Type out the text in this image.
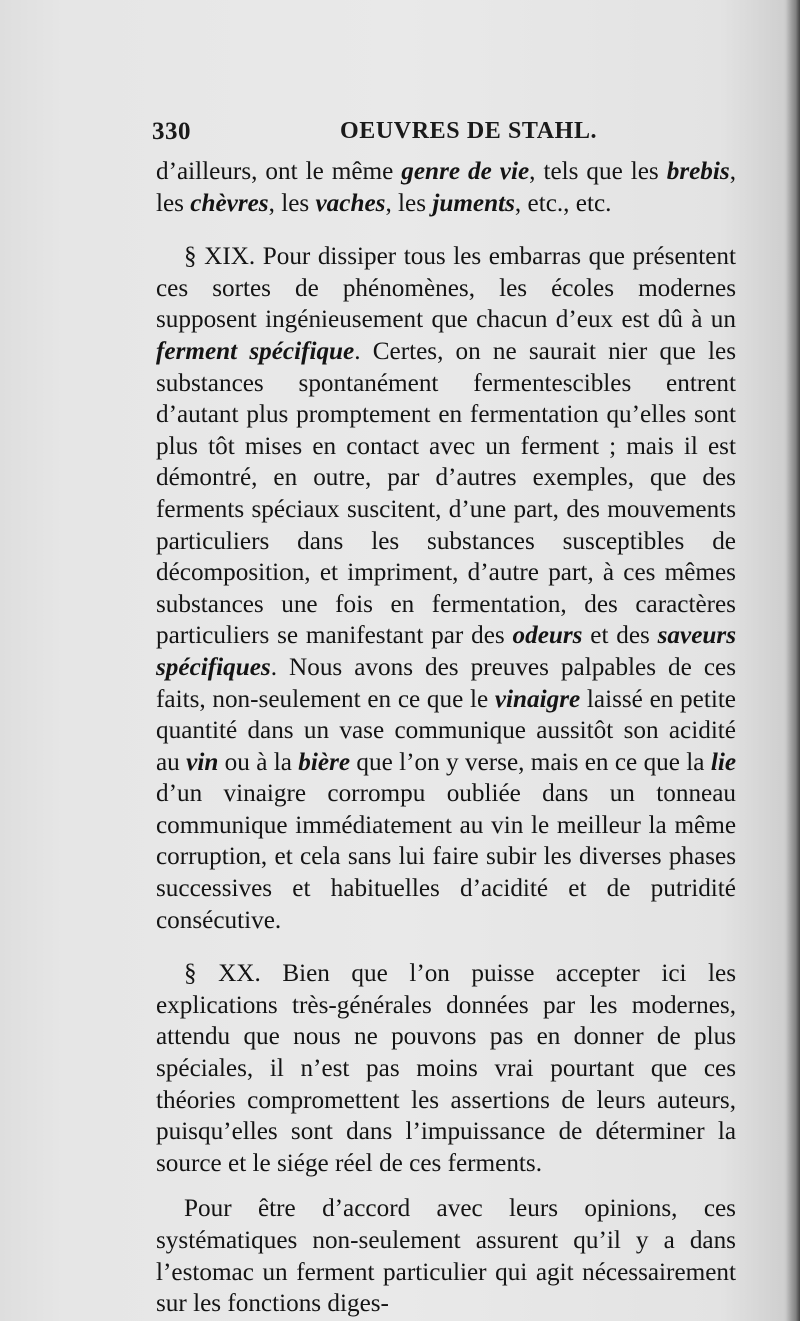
330	OEUVRES DE STAHL.

d’ailleurs, ont le même genre de vie, tels que les brebis, les chèvres, les vaches, les juments, etc., etc.

§ XIX. Pour dissiper tous les embarras que présentent ces sortes de phénomènes, les écoles modernes supposent ingénieusement que chacun d’eux est dû à un ferment spécifique. Certes, on ne saurait nier que les substances spontanément fermentescibles entrent d’autant plus promptement en fermentation qu’elles sont plus tôt mises en contact avec un ferment ; mais il est démontré, en outre, par d’autres exemples, que des ferments spéciaux suscitent, d’une part, des mouvements particuliers dans les substances susceptibles de décomposition, et impriment, d’autre part, à ces mêmes substances une fois en fermentation, des caractères particuliers se manifestant par des odeurs et des saveurs spécifiques. Nous avons des preuves palpables de ces faits, non-seulement en ce que le vinaigre laissé en petite quantité dans un vase communique aussitôt son acidité au vin ou à la bière que l’on y verse, mais en ce que la lie d’un vinaigre corrompu oubliée dans un tonneau communique immédiatement au vin le meilleur la même corruption, et cela sans lui faire subir les diverses phases successives et habituelles d’acidité et de putridité consécutive.

§ XX. Bien que l’on puisse accepter ici les explications très-générales données par les modernes, attendu que nous ne pouvons pas en donner de plus spéciales, il n’est pas moins vrai pourtant que ces théories compromettent les assertions de leurs auteurs, puisqu’elles sont dans l’impuissance de déterminer la source et le siége réel de ces ferments.

Pour être d’accord avec leurs opinions, ces systématiques non-seulement assurent qu’il y a dans l’estomac un ferment particulier qui agit nécessairement sur les fonctions diges-
